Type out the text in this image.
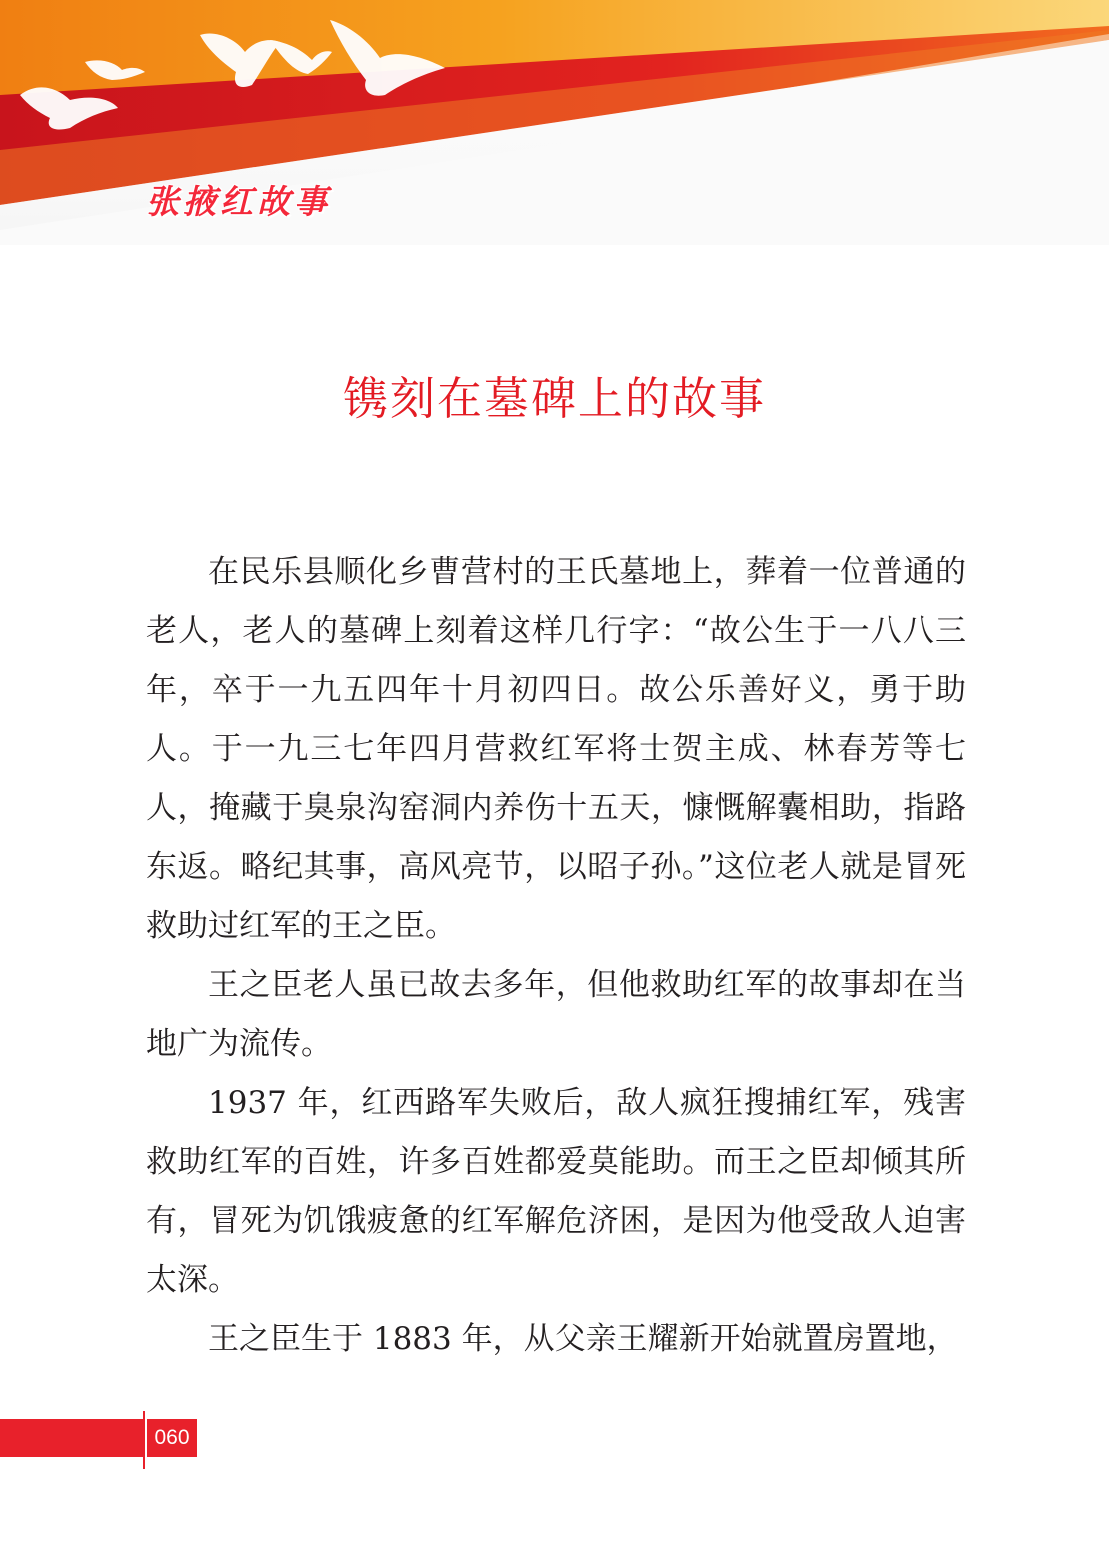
张掖红故事
镌刻在墓碑上的故事

在民乐县顺化乡曹营村的王氏墓地上，葬着一位普通的老人，老人的墓碑上刻着这样几行字：“故公生于一八八三年，卒于一九五四年十月初四日。故公乐善好义，勇于助人。于一九三七年四月营救红军将士贺主成、林春芳等七人，掩藏于臭泉沟窑洞内养伤十五天，慷慨解囊相助，指路东返。略纪其事，高风亮节，以昭子孙。”这位老人就是冒死救助过红军的王之臣。

王之臣老人虽已故去多年，但他救助红军的故事却在当地广为流传。

1937 年，红西路军失败后，敌人疯狂搜捕红军，残害救助红军的百姓，许多百姓都爱莫能助。而王之臣却倾其所有，冒死为饥饿疲惫的红军解危济困，是因为他受敌人迫害太深。

王之臣生于 1883 年，从父亲王耀新开始就置房置地，

060
